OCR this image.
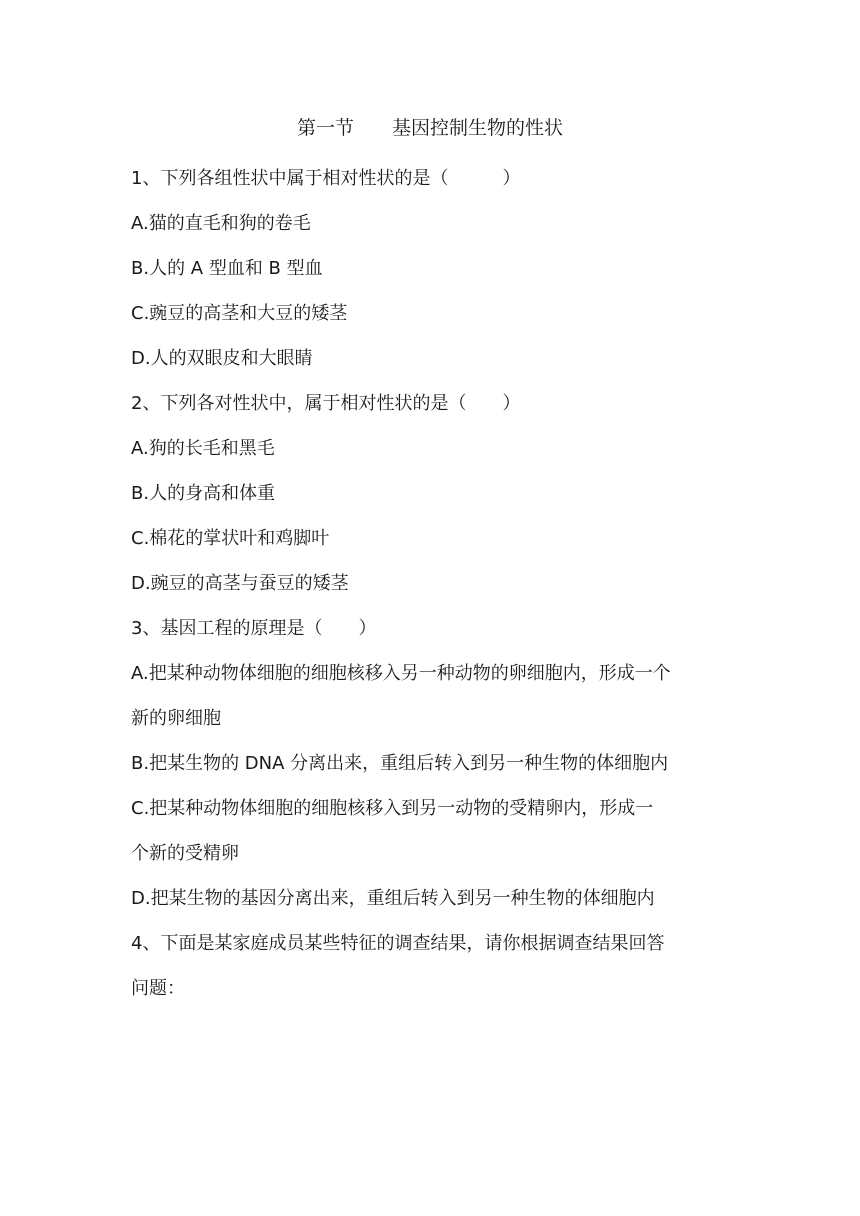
第一节　　基因控制生物的性状
1、下列各组性状中属于相对性状的是（　　　）
A.猫的直毛和狗的卷毛
B.人的 A 型血和 B 型血
C.豌豆的高茎和大豆的矮茎
D.人的双眼皮和大眼睛
2、下列各对性状中，属于相对性状的是（　　）
A.狗的长毛和黑毛
B.人的身高和体重
C.棉花的掌状叶和鸡脚叶
D.豌豆的高茎与蚕豆的矮茎
3、基因工程的原理是（　　）
A.把某种动物体细胞的细胞核移入另一种动物的卵细胞内，形成一个
新的卵细胞
B.把某生物的 DNA 分离出来，重组后转入到另一种生物的体细胞内
C.把某种动物体细胞的细胞核移入到另一动物的受精卵内，形成一
个新的受精卵
D.把某生物的基因分离出来，重组后转入到另一种生物的体细胞内
4、下面是某家庭成员某些特征的调查结果，请你根据调查结果回答
问题：
